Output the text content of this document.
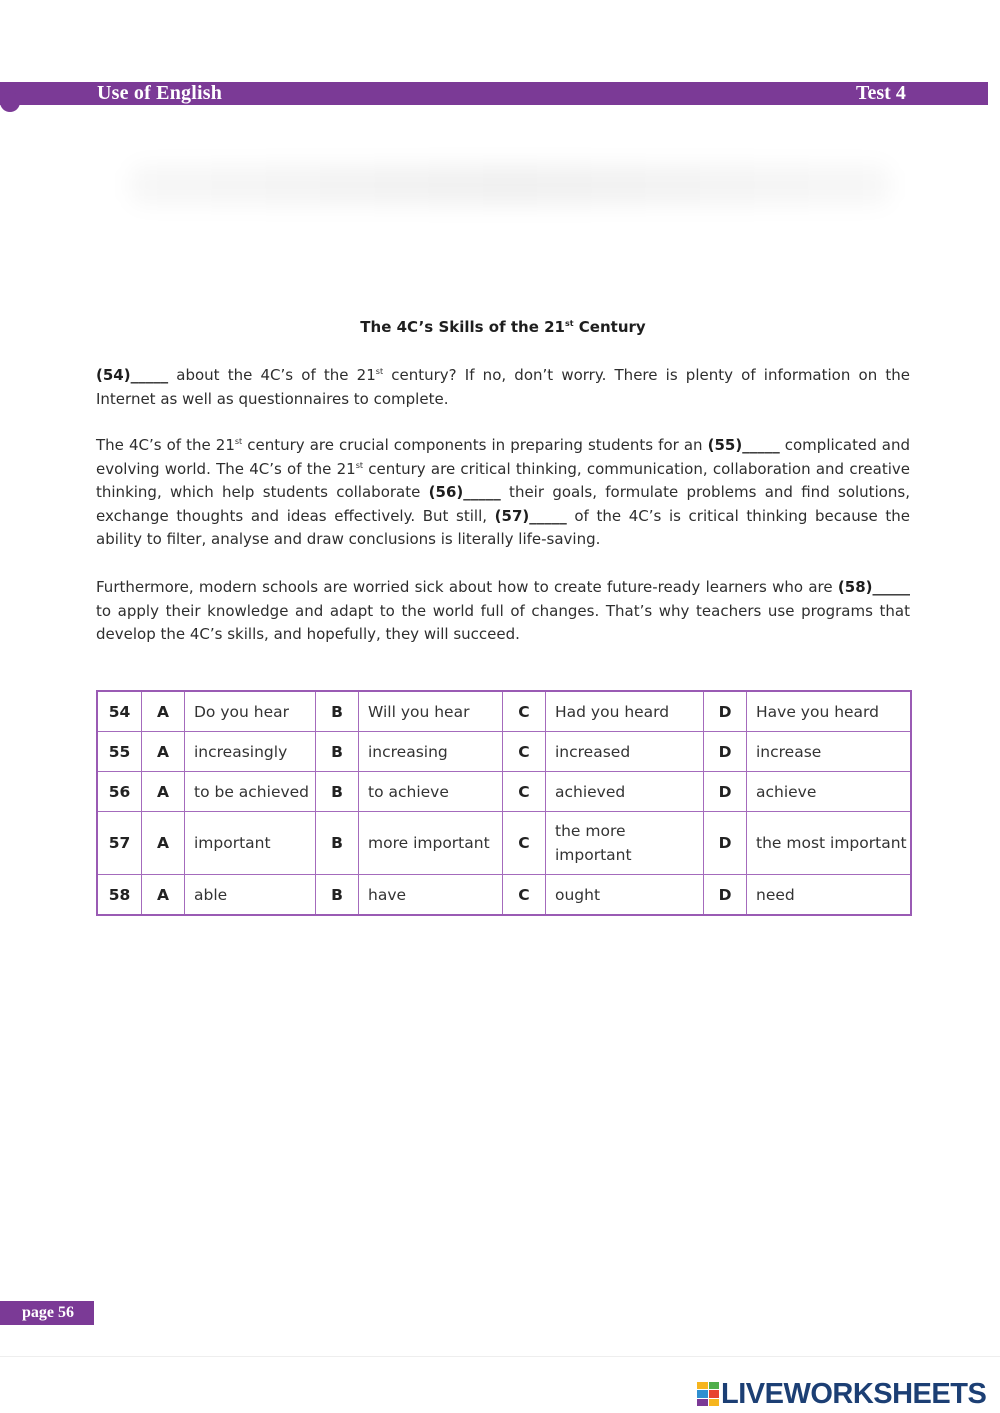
Use of English	Test 4
The 4C’s Skills of the 21st Century

(54)_____ about the 4C’s of the 21st century? If no, don’t worry. There is plenty of information on the Internet as well as questionnaires to complete.

The 4C’s of the 21st century are crucial components in preparing students for an (55)_____ complicated and evolving world. The 4C’s of the 21st century are critical thinking, communication, collaboration and creative thinking, which help students collaborate (56)_____ their goals, formulate problems and find solutions, exchange thoughts and ideas effectively. But still, (57)_____ of the 4C’s is critical thinking because the ability to filter, analyse and draw conclusions is literally life-saving.

Furthermore, modern schools are worried sick about how to create future-ready learners who are (58)_____ to apply their knowledge and adapt to the world full of changes. That’s why teachers use programs that develop the 4C’s skills, and hopefully, they will succeed.

54	A	Do you hear	B	Will you hear	C	Had you heard	D	Have you heard
55	A	increasingly	B	increasing	C	increased	D	increase
56	A	to be achieved	B	to achieve	C	achieved	D	achieve
57	A	important	B	more important	C	the more important	D	the most important
58	A	able	B	have	C	ought	D	need
page 56
LIVEWORKSHEETS
